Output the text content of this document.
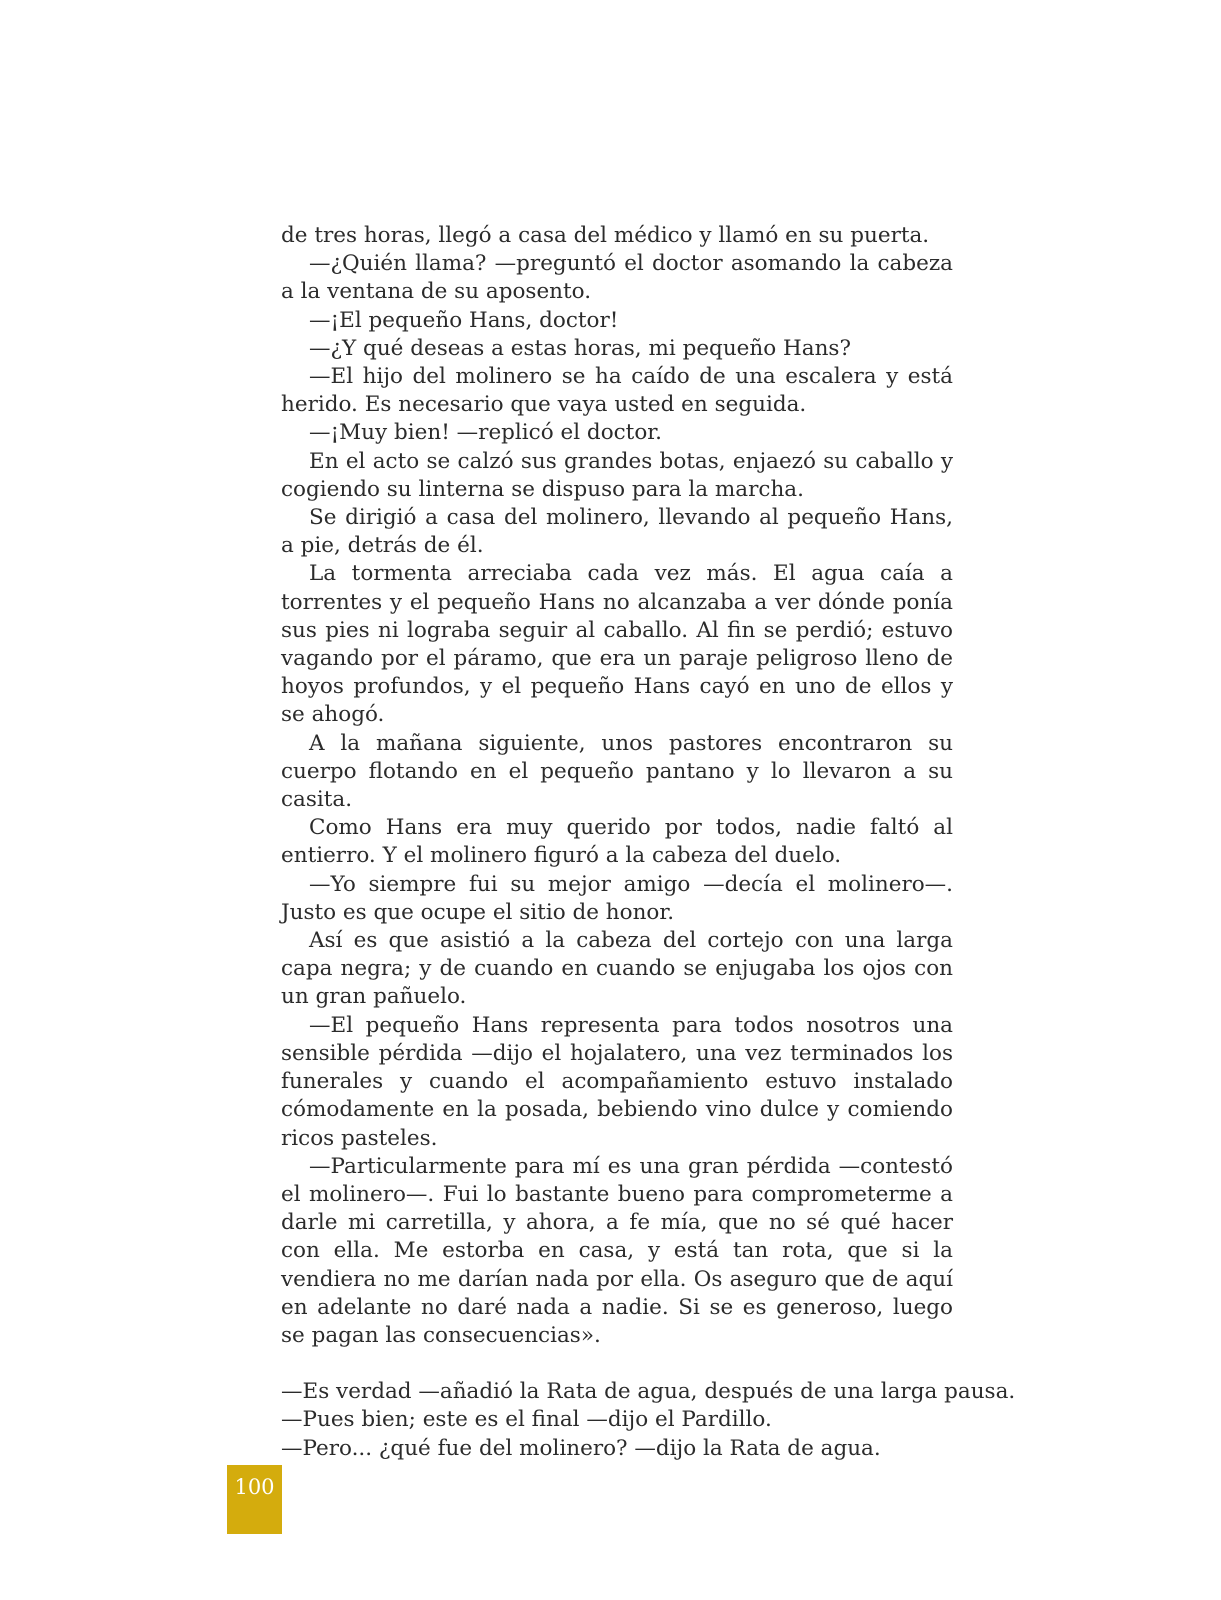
de tres horas, llegó a casa del médico y llamó en su puerta.

—¿Quién llama? —preguntó el doctor asomando la cabeza a la ventana de su aposento.

—¡El pequeño Hans, doctor!

—¿Y qué deseas a estas horas, mi pequeño Hans?

—El hijo del molinero se ha caído de una escalera y está herido. Es necesario que vaya usted en seguida.

—¡Muy bien! —replicó el doctor.

En el acto se calzó sus grandes botas, enjaezó su caballo y cogiendo su linterna se dispuso para la marcha.

Se dirigió a casa del molinero, llevando al pequeño Hans, a pie, detrás de él.

La tormenta arreciaba cada vez más. El agua caía a torrentes y el pequeño Hans no alcanzaba a ver dónde ponía sus pies ni lograba seguir al caballo. Al fin se perdió; estuvo vagando por el páramo, que era un paraje peligroso lleno de hoyos profundos, y el pequeño Hans cayó en uno de ellos y se ahogó.

A la mañana siguiente, unos pastores encontraron su cuerpo flotando en el pequeño pantano y lo llevaron a su casita.

Como Hans era muy querido por todos, nadie faltó al entierro. Y el molinero figuró a la cabeza del duelo.

—Yo siempre fui su mejor amigo —decía el molinero—. Justo es que ocupe el sitio de honor.

Así es que asistió a la cabeza del cortejo con una larga capa negra; y de cuando en cuando se enjugaba los ojos con un gran pañuelo.

—El pequeño Hans representa para todos nosotros una sensible pérdida —dijo el hojalatero, una vez terminados los funerales y cuando el acompañamiento estuvo instalado cómodamente en la posada, bebiendo vino dulce y comiendo ricos pasteles.

—Particularmente para mí es una gran pérdida —contestó el molinero—. Fui lo bastante bueno para comprometerme a darle mi carretilla, y ahora, a fe mía, que no sé qué hacer con ella. Me estorba en casa, y está tan rota, que si la vendiera no me darían nada por ella. Os aseguro que de aquí en adelante no daré nada a nadie. Si se es generoso, luego se pagan las consecuencias».

—Es verdad —añadió la Rata de agua, después de una larga pausa.

—Pues bien; este es el final —dijo el Pardillo.

—Pero... ¿qué fue del molinero? —dijo la Rata de agua.

100
